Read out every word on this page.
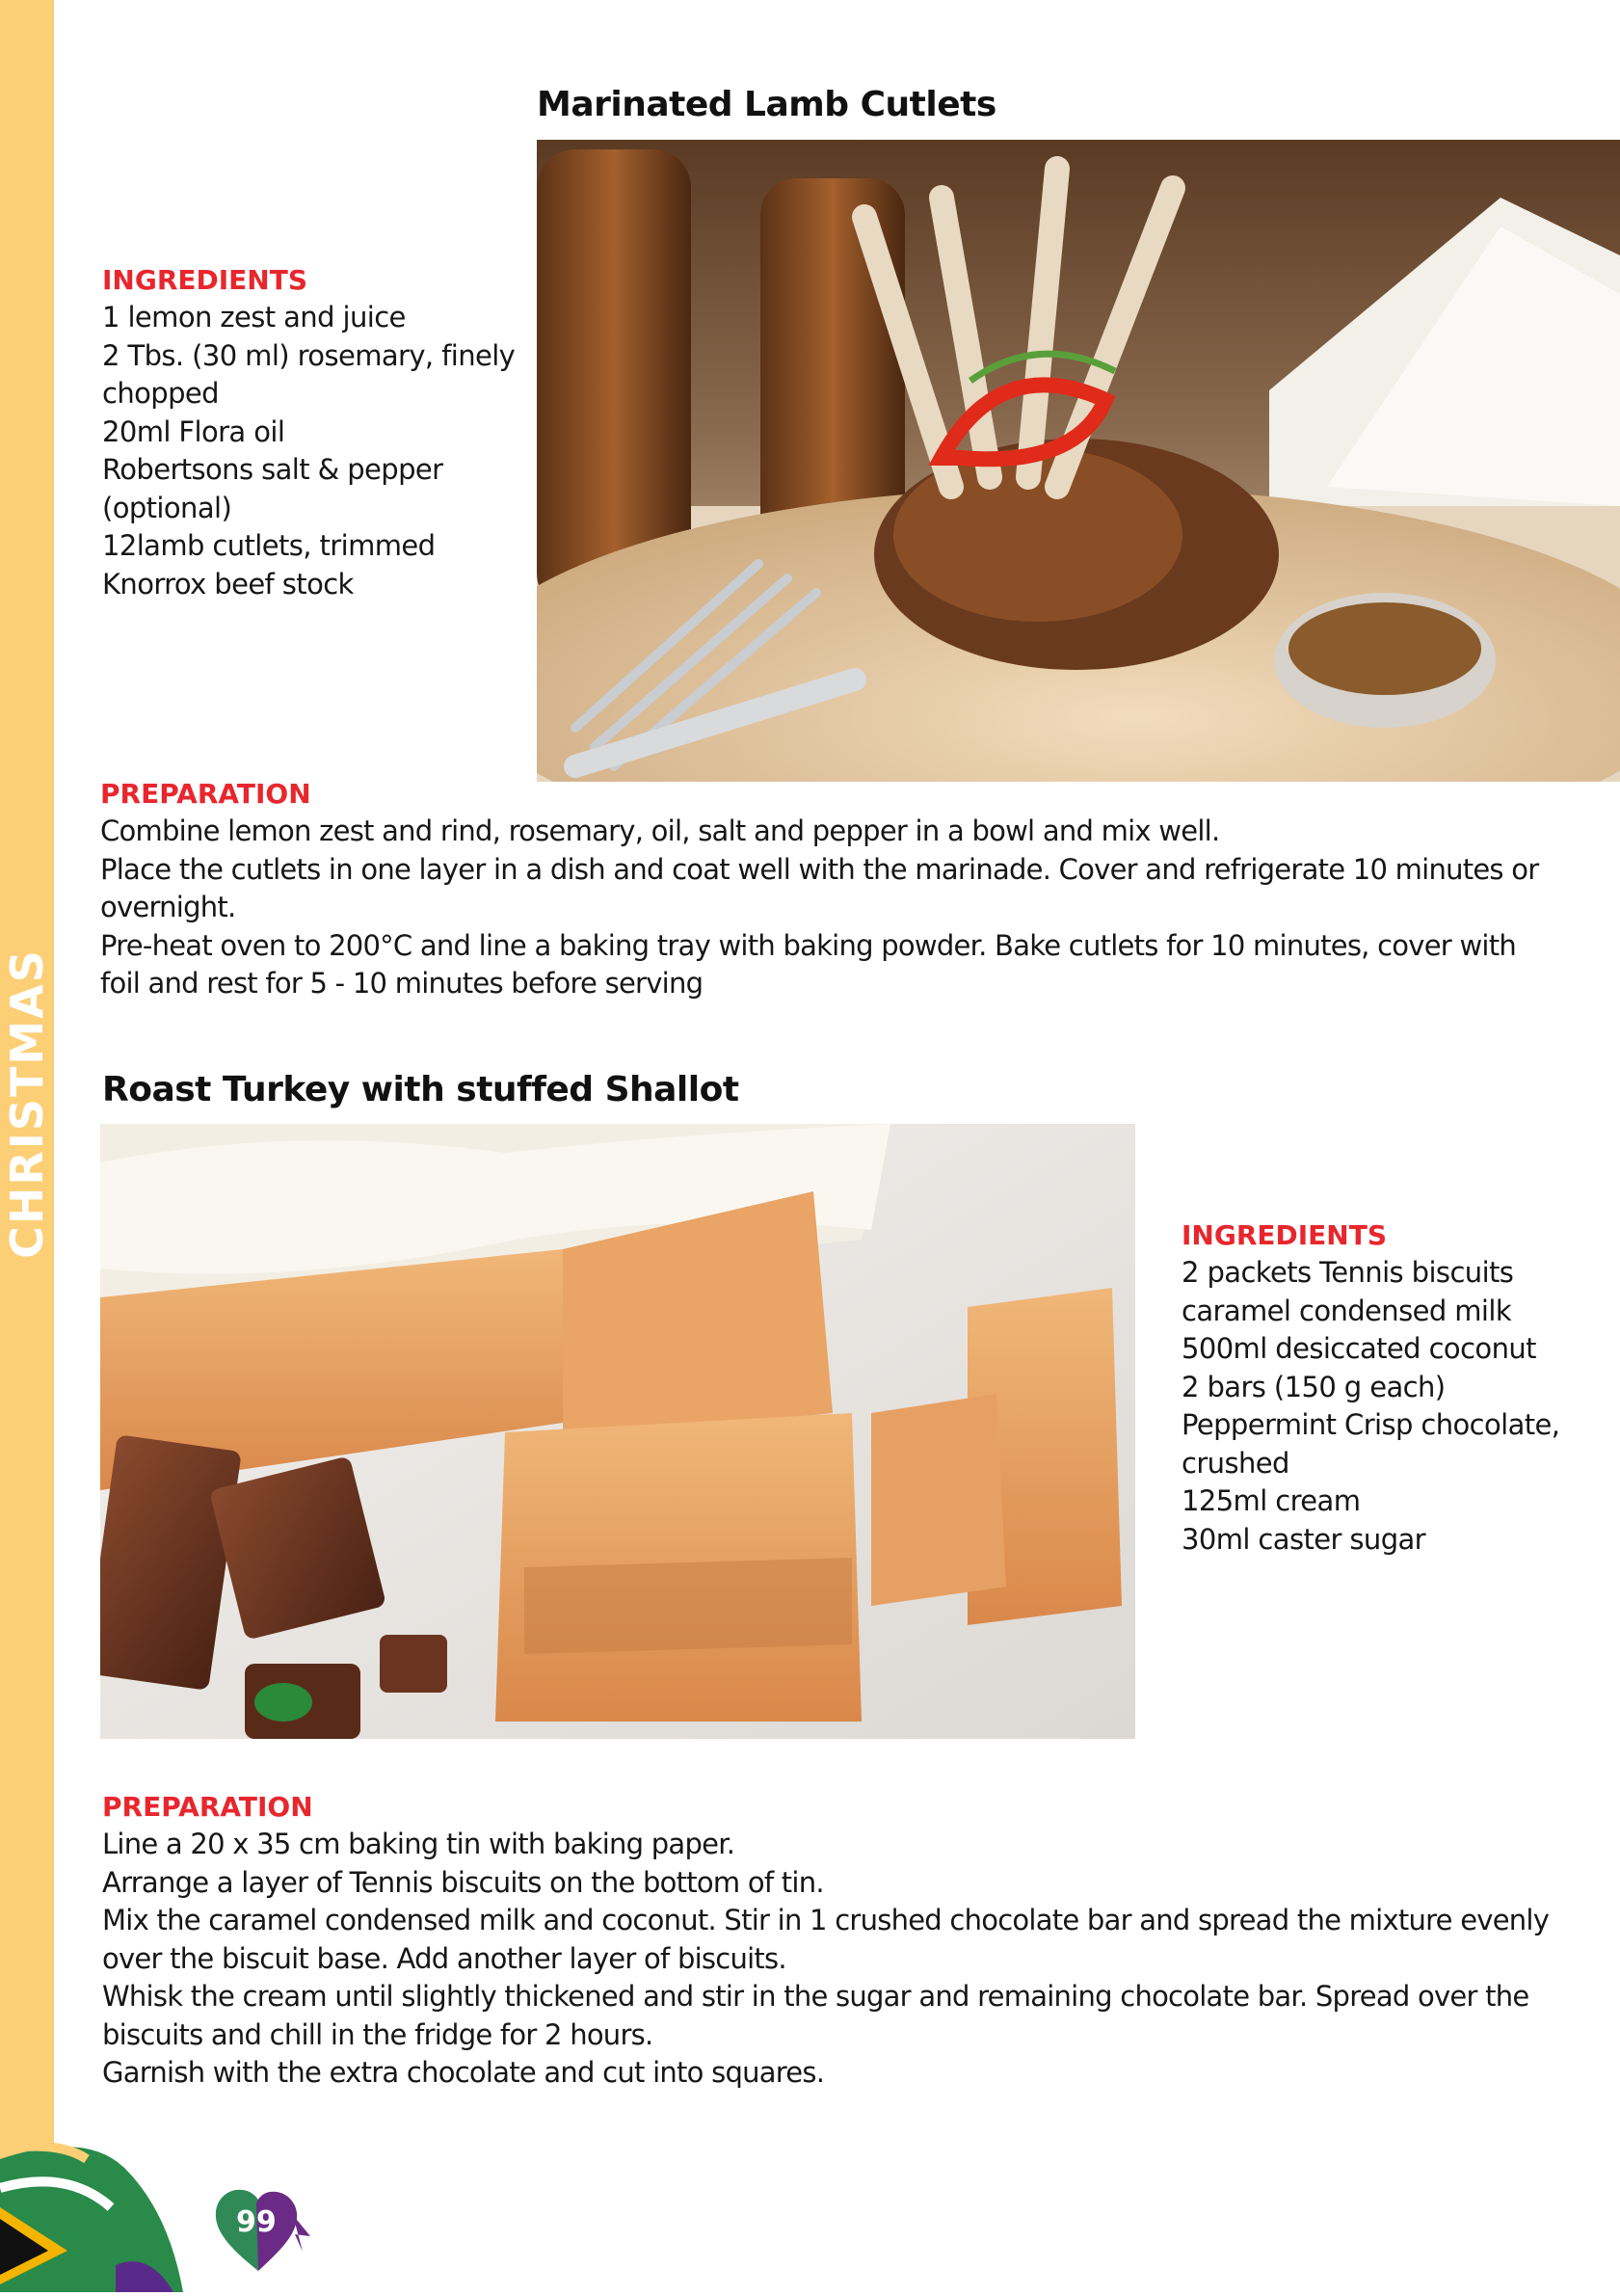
CHRISTMAS
Marinated Lamb Cutlets
INGREDIENTS
1 lemon zest and juice
2 Tbs. (30 ml) rosemary, finely
chopped
20ml Flora oil
Robertsons salt & pepper
(optional)
12lamb cutlets, trimmed
Knorrox beef stock
PREPARATION
Combine lemon zest and rind, rosemary, oil, salt and pepper in a bowl and mix well.
Place the cutlets in one layer in a dish and coat well with the marinade. Cover and refrigerate 10 minutes or
overnight.
Pre-heat oven to 200°C and line a baking tray with baking powder. Bake cutlets for 10 minutes, cover with
foil and rest for 5 - 10 minutes before serving
Roast Turkey with stuffed Shallot
INGREDIENTS
2 packets Tennis biscuits
caramel condensed milk
500ml desiccated coconut
2 bars (150 g each)
Peppermint Crisp chocolate,
crushed
125ml cream
30ml caster sugar
PREPARATION
Line a 20 x 35 cm baking tin with baking paper.
Arrange a layer of Tennis biscuits on the bottom of tin.
Mix the caramel condensed milk and coconut. Stir in 1 crushed chocolate bar and spread the mixture evenly
over the biscuit base. Add another layer of biscuits.
Whisk the cream until slightly thickened and stir in the sugar and remaining chocolate bar. Spread over the
biscuits and chill in the fridge for 2 hours.
Garnish with the extra chocolate and cut into squares.
99
